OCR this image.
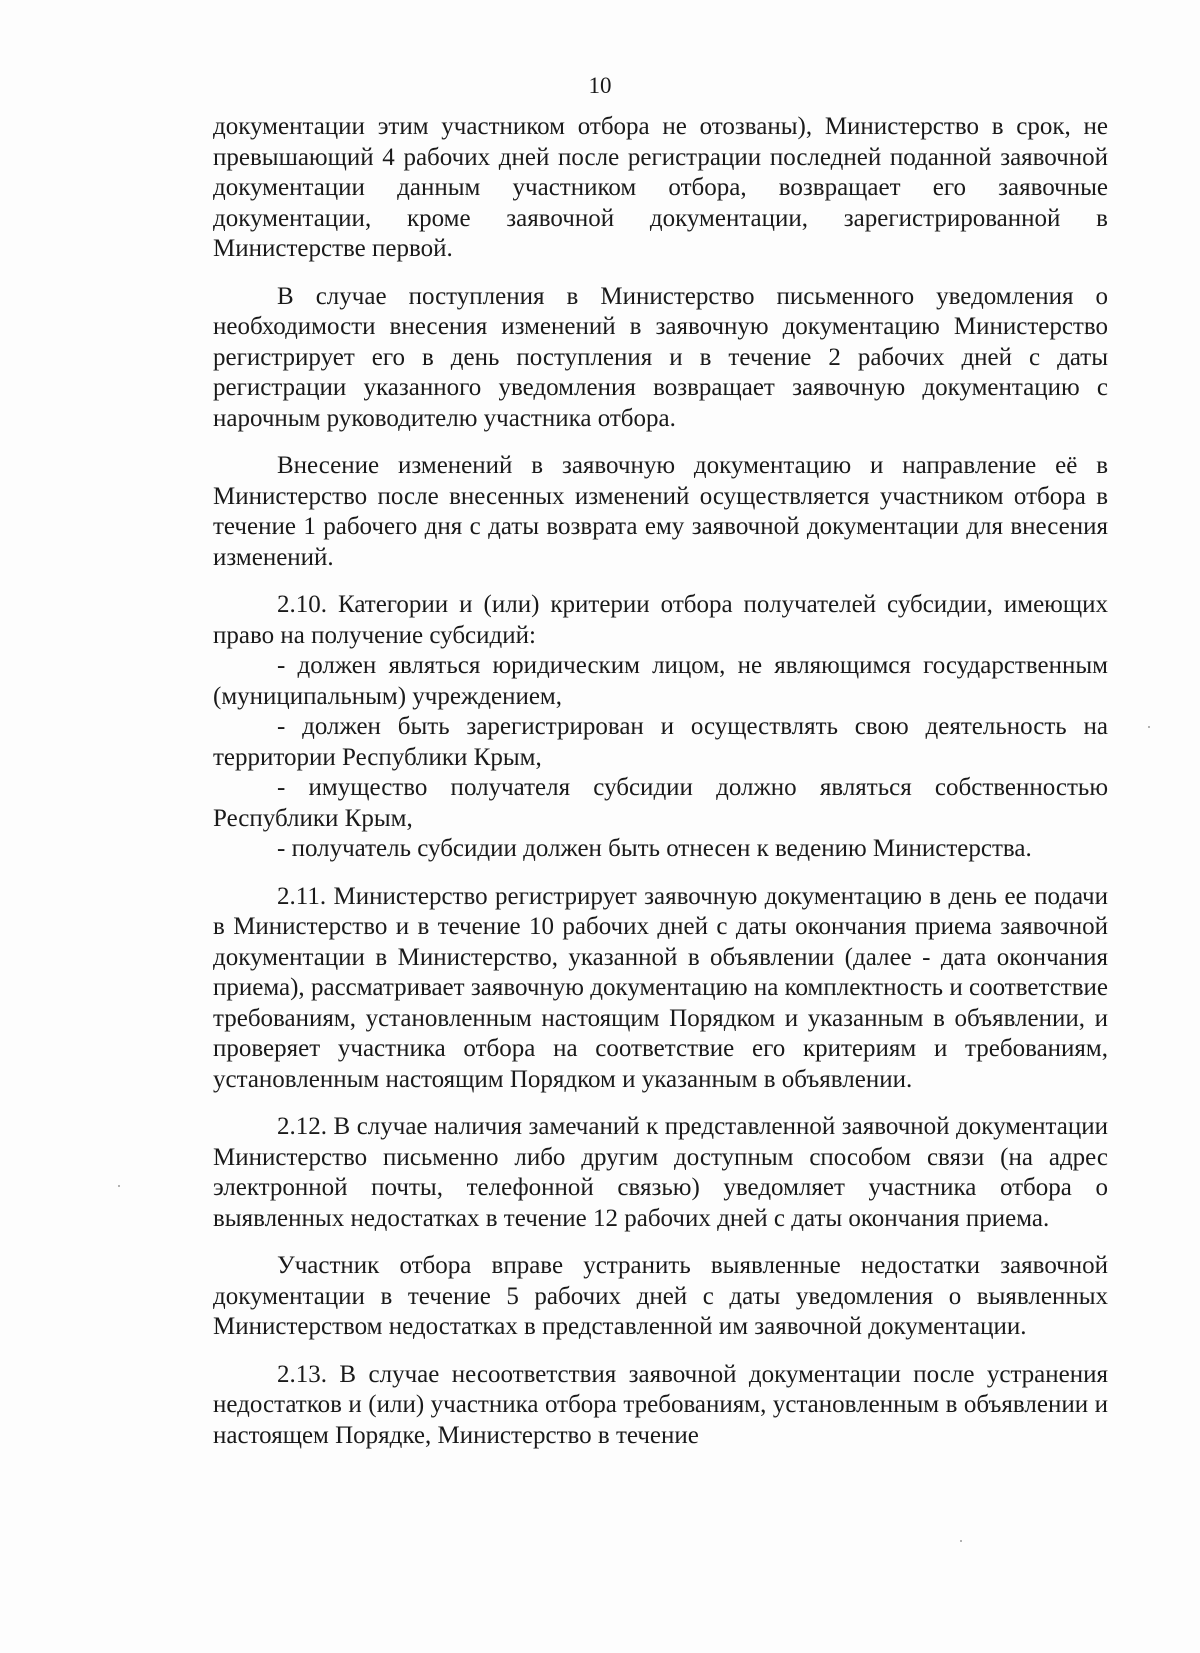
10

документации этим участником отбора не отозваны), Министерство в срок, не превышающий 4 рабочих дней после регистрации последней поданной заявочной документации данным участником отбора, возвращает его заявочные документации, кроме заявочной документации, зарегистрированной в Министерстве первой.

В случае поступления в Министерство письменного уведомления о необходимости внесения изменений в заявочную документацию Министерство регистрирует его в день поступления и в течение 2 рабочих дней с даты регистрации указанного уведомления возвращает заявочную документацию с нарочным руководителю участника отбора.

Внесение изменений в заявочную документацию и направление её в Министерство после внесенных изменений осуществляется участником отбора в течение 1 рабочего дня с даты возврата ему заявочной документации для внесения изменений.

2.10. Категории и (или) критерии отбора получателей субсидии, имеющих право на получение субсидий:

- должен являться юридическим лицом, не являющимся государственным (муниципальным) учреждением,

- должен быть зарегистрирован и осуществлять свою деятельность на территории Республики Крым,

- имущество получателя субсидии должно являться собственностью Республики Крым,

- получатель субсидии должен быть отнесен к ведению Министерства.

2.11. Министерство регистрирует заявочную документацию в день ее подачи в Министерство и в течение 10 рабочих дней с даты окончания приема заявочной документации в Министерство, указанной в объявлении (далее - дата окончания приема), рассматривает заявочную документацию на комплектность и соответствие требованиям, установленным настоящим Порядком и указанным в объявлении, и проверяет участника отбора на соответствие его критериям и требованиям, установленным настоящим Порядком и указанным в объявлении.

2.12. В случае наличия замечаний к представленной заявочной документации Министерство письменно либо другим доступным способом связи (на адрес электронной почты, телефонной связью) уведомляет участника отбора о выявленных недостатках в течение 12 рабочих дней с даты окончания приема.

Участник отбора вправе устранить выявленные недостатки заявочной документации в течение 5 рабочих дней с даты уведомления о выявленных Министерством недостатках в представленной им заявочной документации.

2.13. В случае несоответствия заявочной документации после устранения недостатков и (или) участника отбора требованиям, установленным в объявлении и настоящем Порядке, Министерство в течение
